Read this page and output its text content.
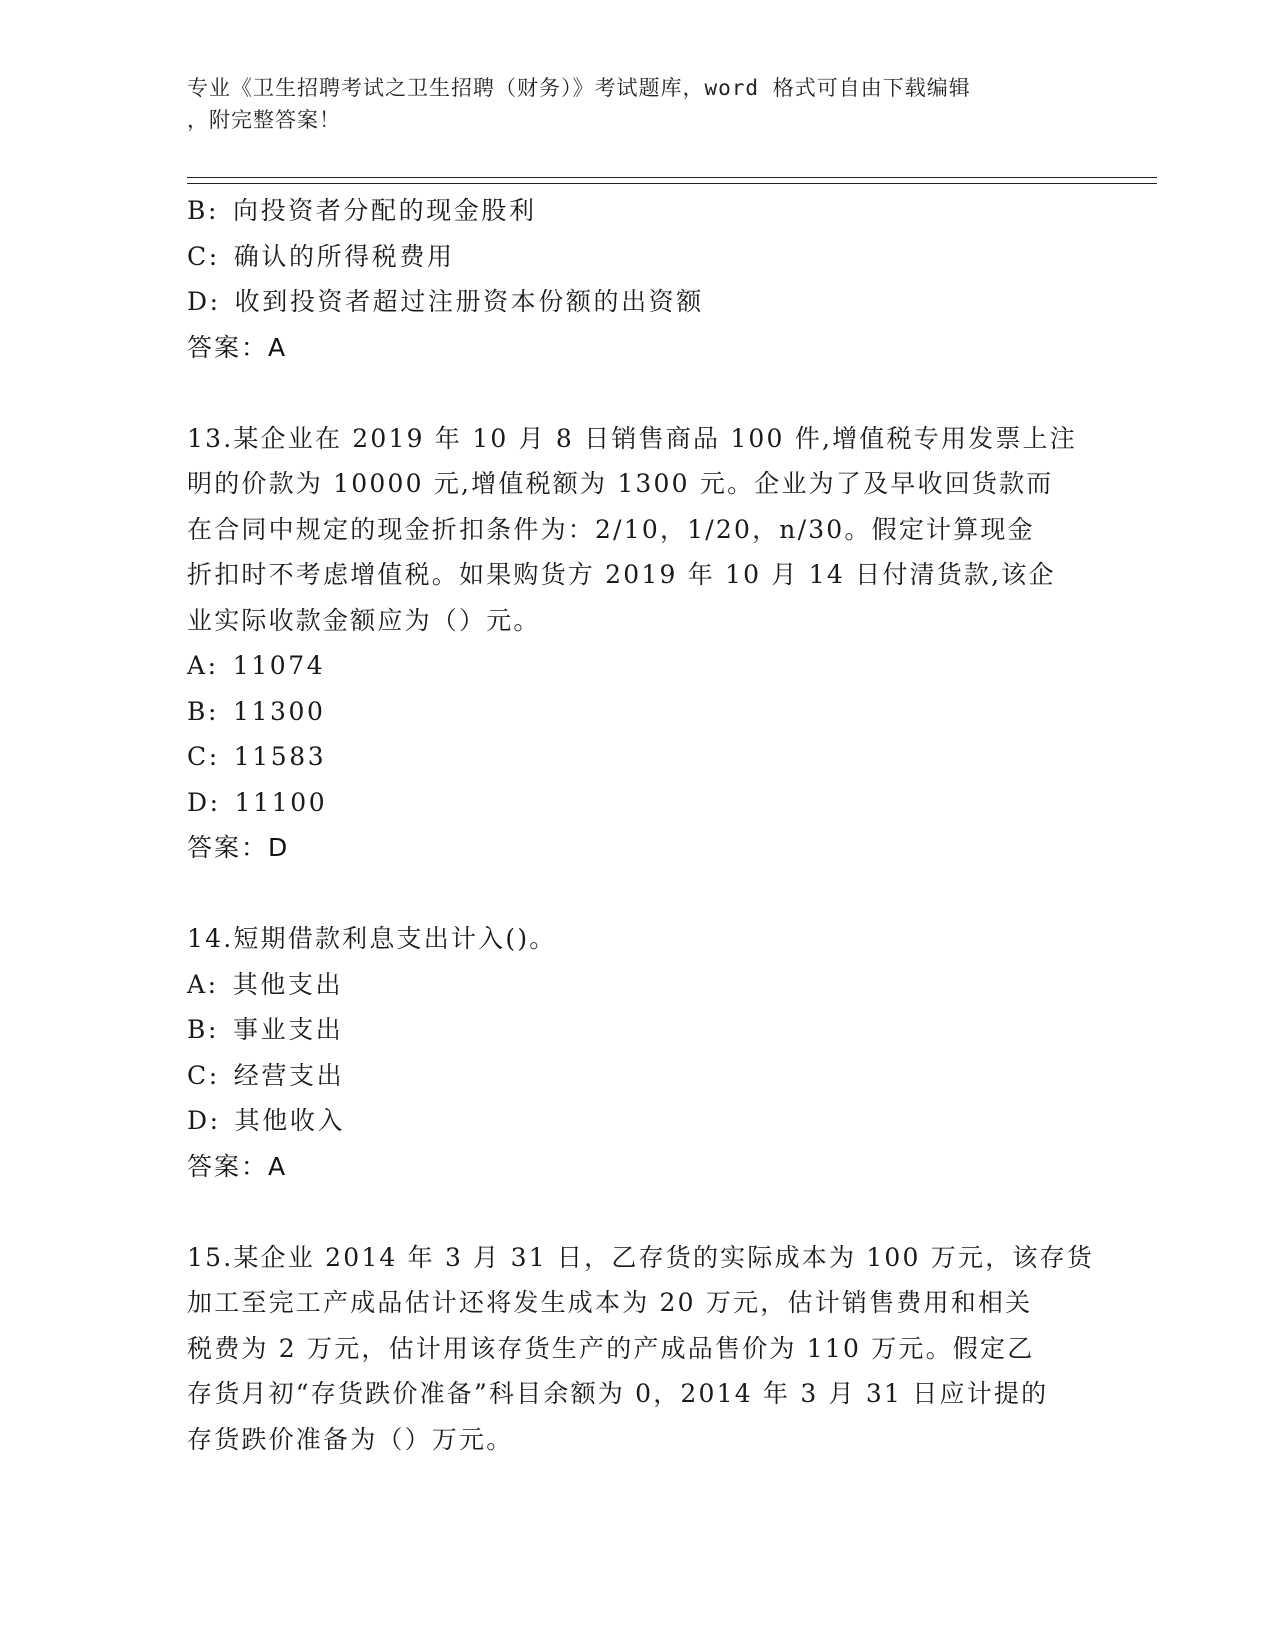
专业《卫生招聘考试之卫生招聘（财务）》考试题库，word 格式可自由下载编辑
，附完整答案！
B: 向投资者分配的现金股利
C: 确认的所得税费用
D: 收到投资者超过注册资本份额的出资额
答案：A
13.某企业在 2019 年 10 月 8 日销售商品 100 件,增值税专用发票上注
明的价款为 10000 元,增值税额为 1300 元。企业为了及早收回货款而
在合同中规定的现金折扣条件为：2/10，1/20，n/30。假定计算现金
折扣时不考虑增值税。如果购货方 2019 年 10 月 14 日付清货款,该企
业实际收款金额应为（）元。
A: 11074
B: 11300
C: 11583
D: 11100
答案：D
14.短期借款利息支出计入()。
A: 其他支出
B: 事业支出
C: 经营支出
D: 其他收入
答案：A
15.某企业 2014 年 3 月 31 日，乙存货的实际成本为 100 万元，该存货
加工至完工产成品估计还将发生成本为 20 万元，估计销售费用和相关
税费为 2 万元，估计用该存货生产的产成品售价为 110 万元。假定乙
存货月初“存货跌价准备”科目余额为 0，2014 年 3 月 31 日应计提的
存货跌价准备为（）万元。
